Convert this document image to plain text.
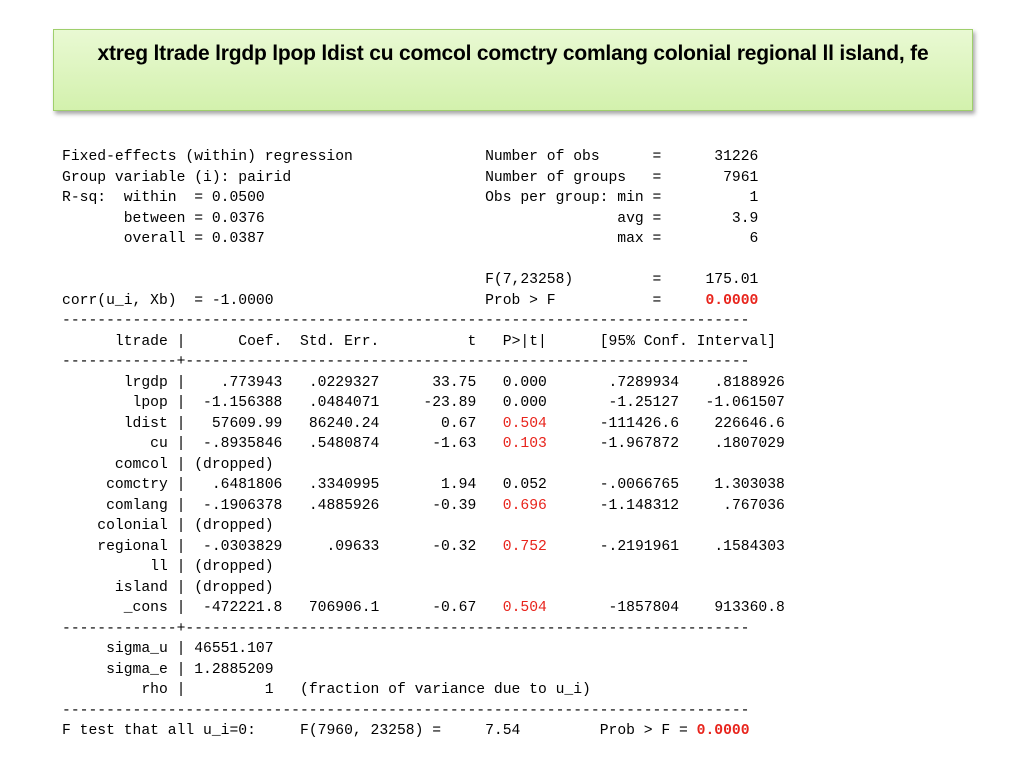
xtreg ltrade lrgdp lpop ldist cu comcol comctry comlang colonial regional ll island, fe
Fixed-effects (within) regression               Number of obs      =      31226
Group variable (i): pairid                      Number of groups   =       7961
R-sq:  within  = 0.0500                         Obs per group: min =          1
between = 0.0376                                        avg =        3.9
overall = 0.0387                                        max =          6

F(7,23258)         =     175.01
corr(u_i, Xb)  = -1.0000                        Prob > F           =     0.0000
------------------------------------------------------------------------------
ltrade |      Coef.  Std. Err.          t   P>|t|      [95% Conf. Interval]
-------------+----------------------------------------------------------------
lrgdp |    .773943   .0229327      33.75 0.000       .7289934    .8188926
lpop |  -1.156388   .0484071     -23.89 0.000       -1.25127   -1.061507
ldist |   57609.99   86240.24       0.67 0.504      -111426.6    226646.6
cu |  -.8935846   .5480874      -1.63 0.103      -1.967872    .1807029
comcol | (dropped)
comctry |   .6481806   .3340995       1.94 0.052      -.0066765    1.303038
comlang |  -.1906378   .4885926      -0.39 0.696      -1.148312     .767036
colonial | (dropped)
regional |  -.0303829     .09633      -0.32 0.752      -.2191961    .1584303
ll | (dropped)
island | (dropped)
_cons |  -472221.8   706906.1      -0.67 0.504       -1857804    913360.8
-------------+----------------------------------------------------------------
sigma_u | 46551.107
sigma_e | 1.2885209
rho |         1 (fraction of variance due to u_i)
------------------------------------------------------------------------------
F test that all u_i=0:	F(7960, 23258) =     7.54	Prob > F = 0.0000
